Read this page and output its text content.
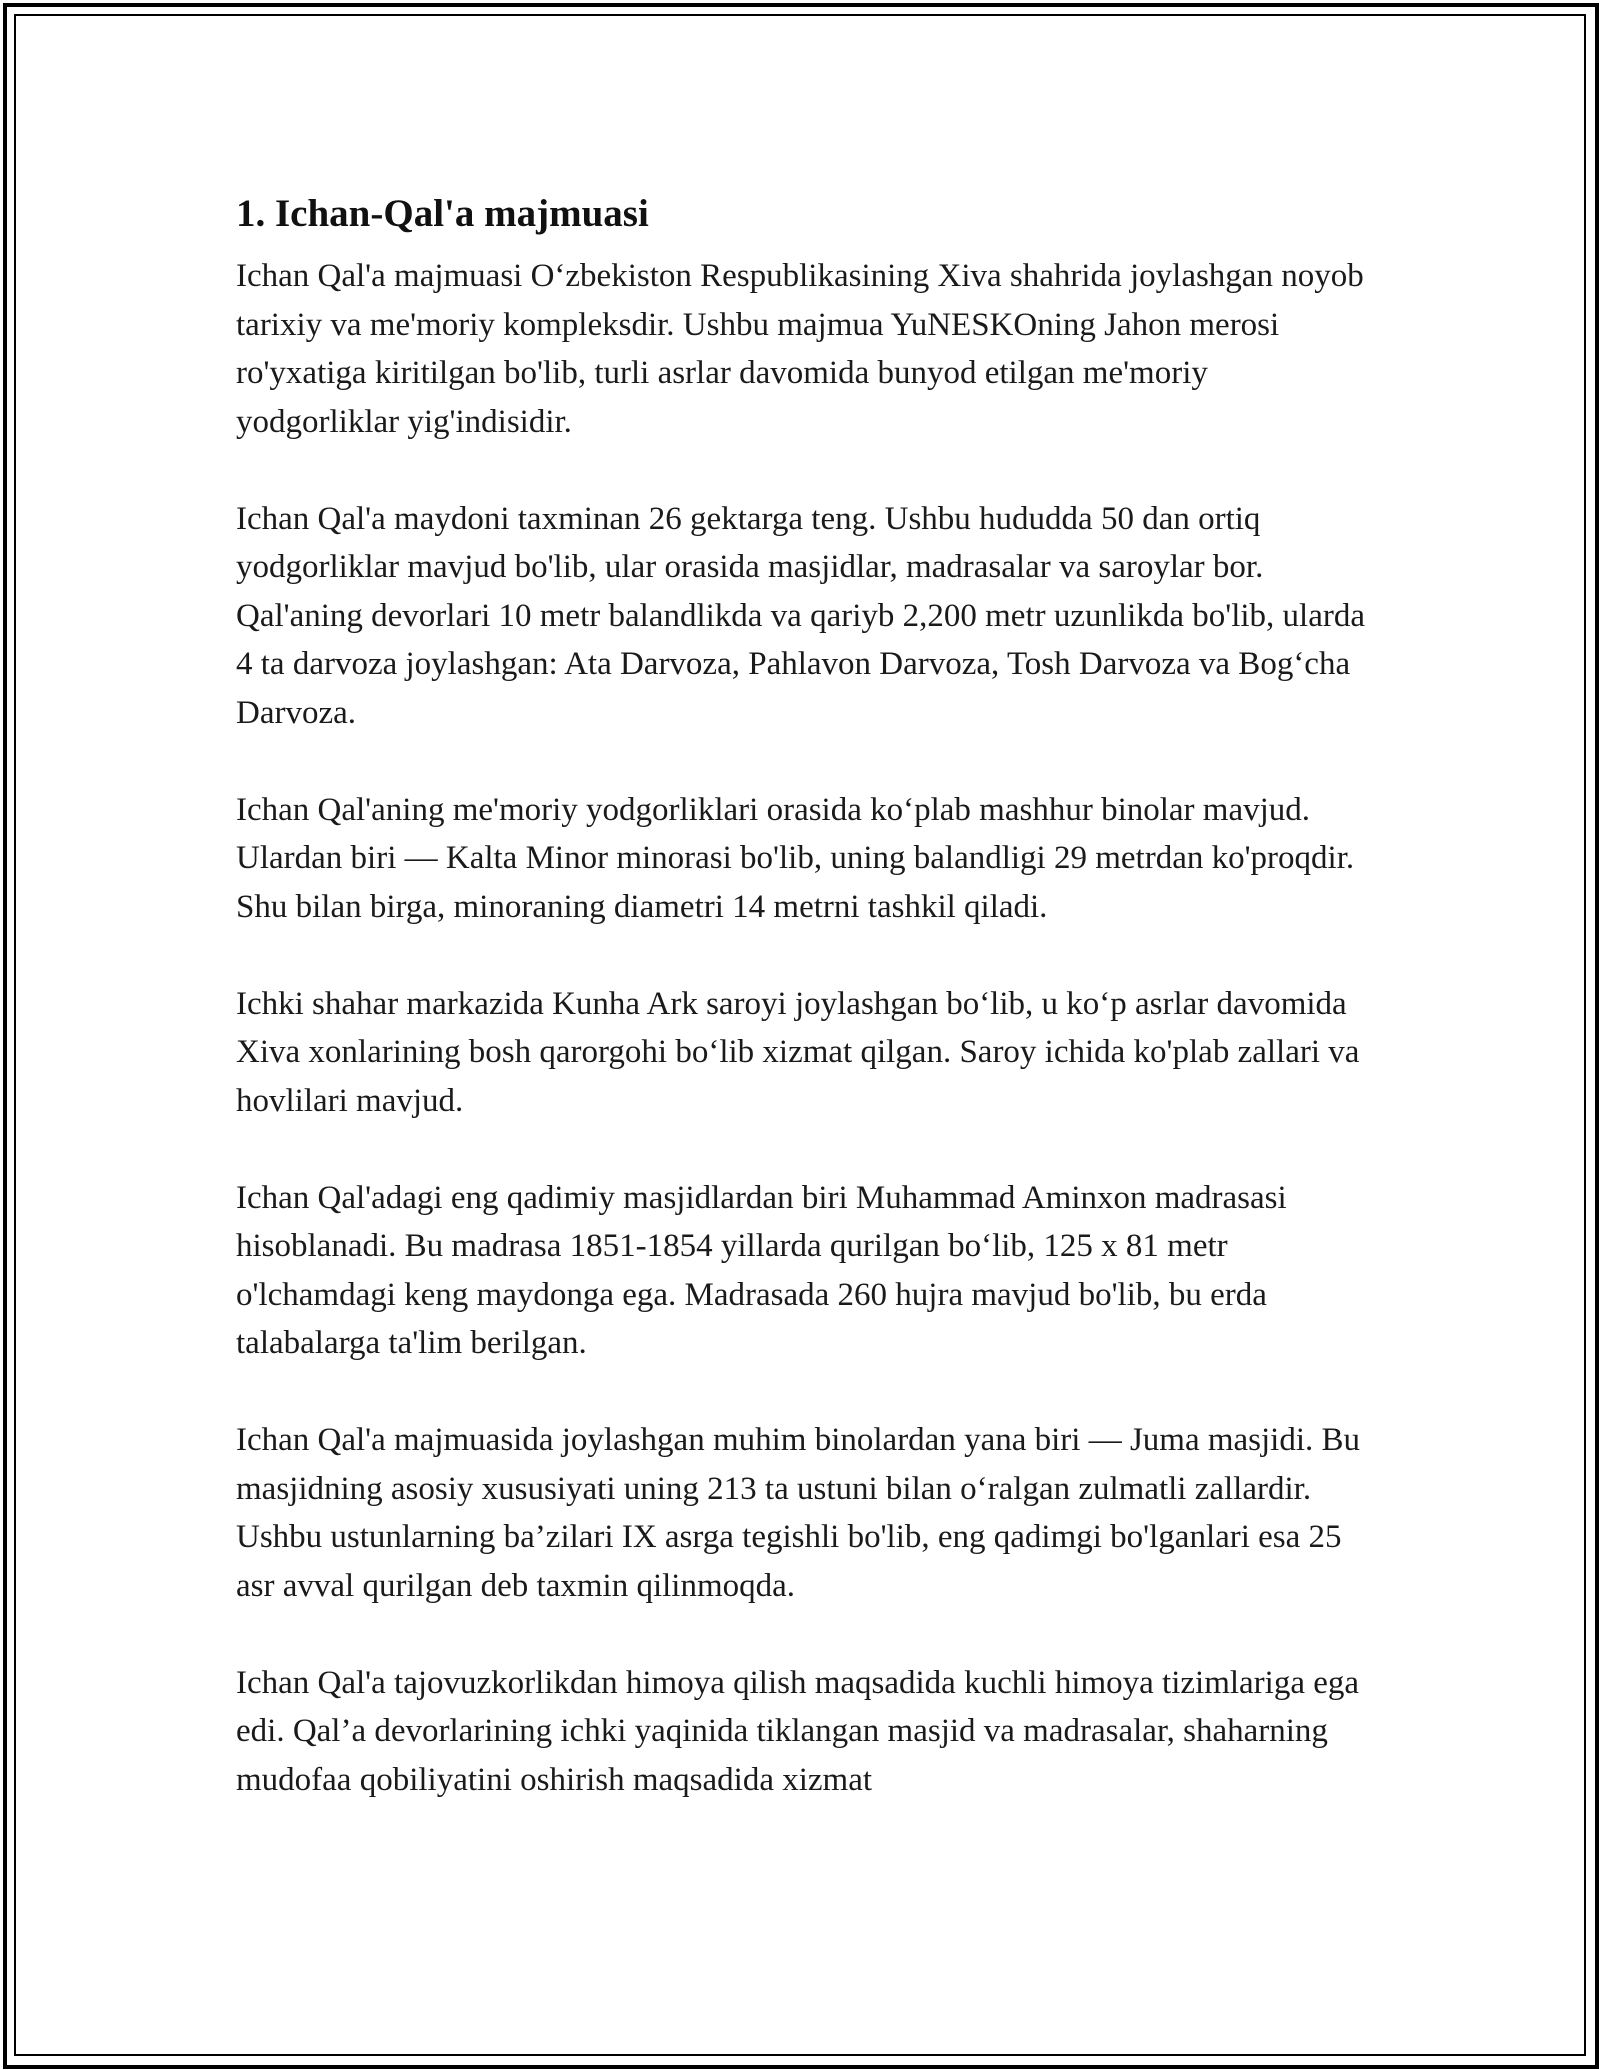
1. Ichan-Qal'a majmuasi

Ichan Qal'a majmuasi O‘zbekiston Respublikasining Xiva shahrida joylashgan noyob tarixiy va me'moriy kompleksdir. Ushbu majmua YuNESKOning Jahon merosi ro'yxatiga kiritilgan bo'lib, turli asrlar davomida bunyod etilgan me'moriy yodgorliklar yig'indisidir.

Ichan Qal'a maydoni taxminan 26 gektarga teng. Ushbu hududda 50 dan ortiq yodgorliklar mavjud bo'lib, ular orasida masjidlar, madrasalar va saroylar bor. Qal'aning devorlari 10 metr balandlikda va qariyb 2,200 metr uzunlikda bo'lib, ularda 4 ta darvoza joylashgan: Ata Darvoza, Pahlavon Darvoza, Tosh Darvoza va Bog‘cha Darvoza.

Ichan Qal'aning me'moriy yodgorliklari orasida ko‘plab mashhur binolar mavjud. Ulardan biri — Kalta Minor minorasi bo'lib, uning balandligi 29 metrdan ko'proqdir. Shu bilan birga, minoraning diametri 14 metrni tashkil qiladi.

Ichki shahar markazida Kunha Ark saroyi joylashgan bo‘lib, u ko‘p asrlar davomida Xiva xonlarining bosh qarorgohi bo‘lib xizmat qilgan. Saroy ichida ko'plab zallari va hovlilari mavjud.

Ichan Qal'adagi eng qadimiy masjidlardan biri Muhammad Aminxon madrasasi hisoblanadi. Bu madrasa 1851-1854 yillarda qurilgan bo‘lib, 125 x 81 metr o'lchamdagi keng maydonga ega. Madrasada 260 hujra mavjud bo'lib, bu erda talabalarga ta'lim berilgan.

Ichan Qal'a majmuasida joylashgan muhim binolardan yana biri — Juma masjidi. Bu masjidning asosiy xususiyati uning 213 ta ustuni bilan o‘ralgan zulmatli zallardir. Ushbu ustunlarning ba’zilari IX asrga tegishli bo'lib, eng qadimgi bo'lganlari esa 25 asr avval qurilgan deb taxmin qilinmoqda.

Ichan Qal'a tajovuzkorlikdan himoya qilish maqsadida kuchli himoya tizimlariga ega edi. Qal’a devorlarining ichki yaqinida tiklangan masjid va madrasalar, shaharning mudofaa qobiliyatini oshirish maqsadida xizmat
